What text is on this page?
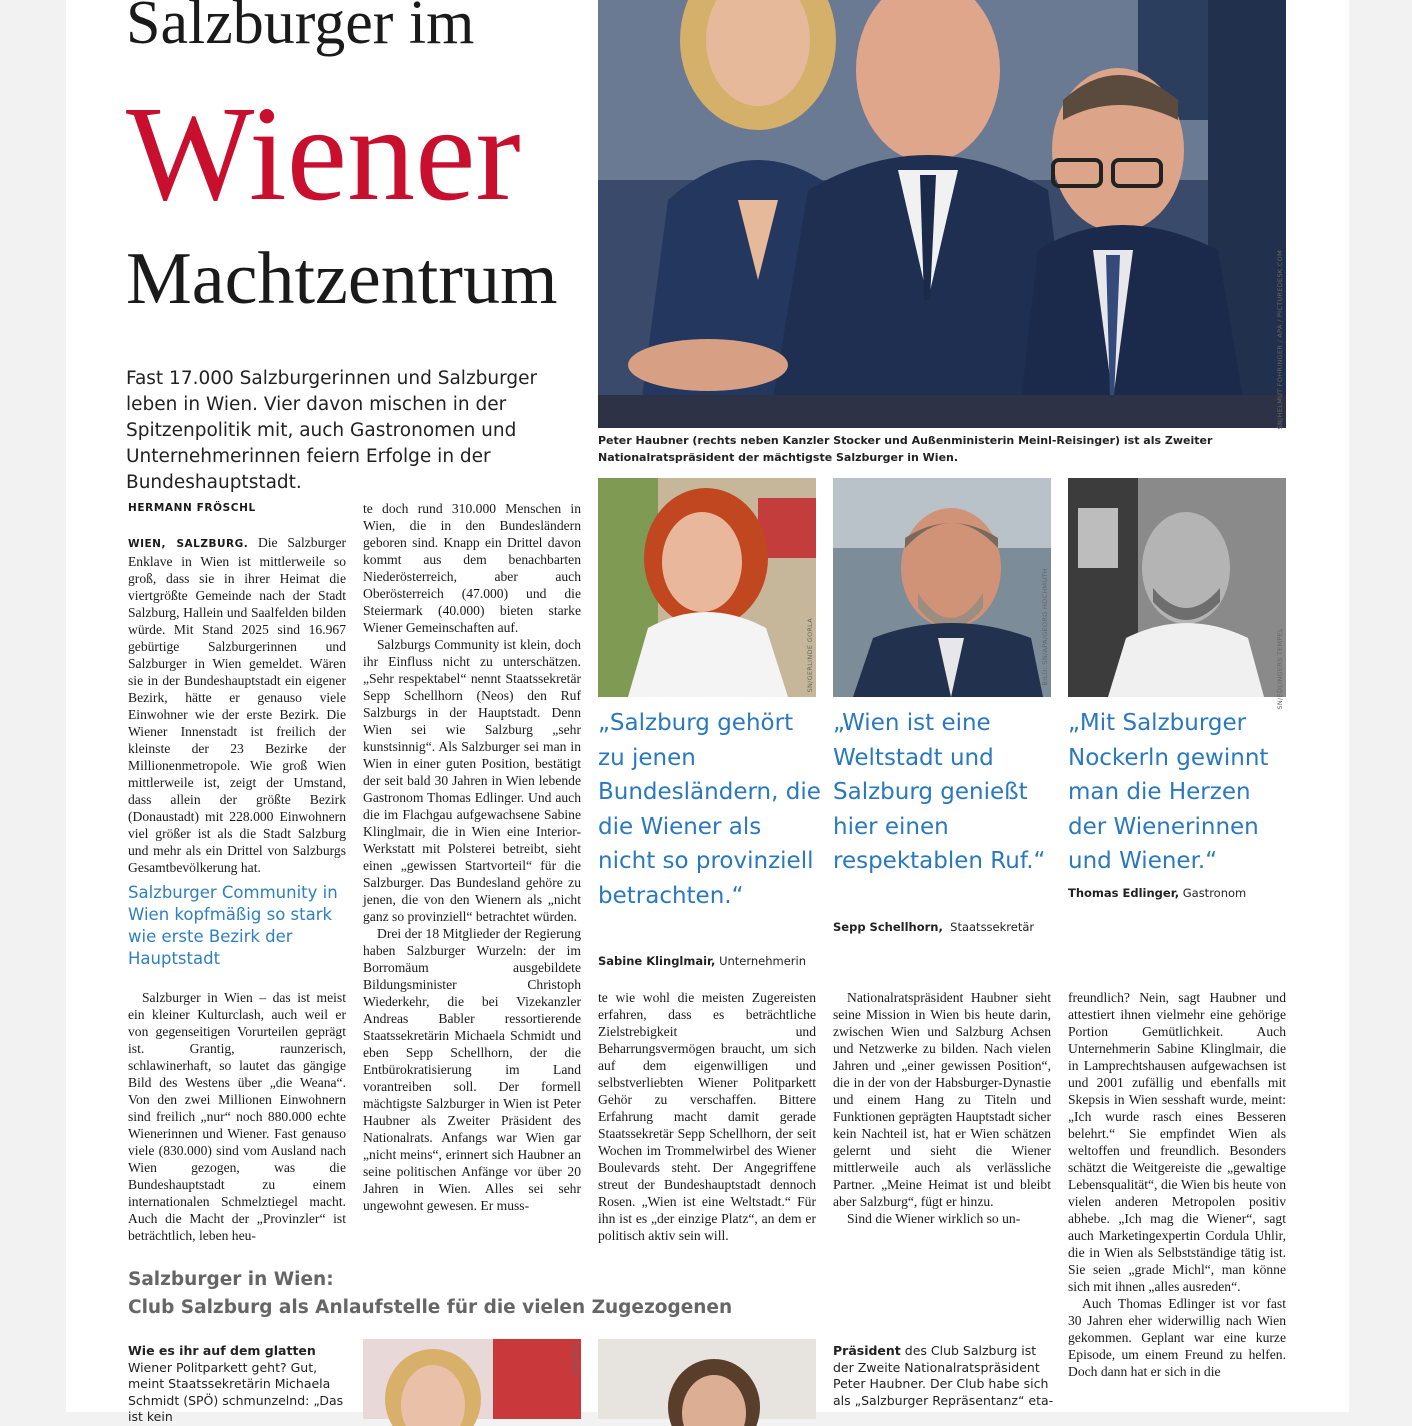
Salzburger im
Wiener
Machtzentrum
Fast 17.000 Salzburgerinnen und Salzburger leben in Wien. Vier davon mischen in der Spitzenpolitik mit, auch Gastronomen und Unternehmerinnen feiern Erfolge in der Bundeshauptstadt.
SN/HELMUT FOHRINGER / APA / PICTUREDESK.COM
Peter Haubner (rechts neben Kanzler Stocker und Außenministerin Meinl-Reisinger) ist als Zweiter Nationalratspräsident der mächtigste Salzburger in Wien.
SN/GERLINDE GORLA	BILD: SN/APA/GEORG HOCHMUTH	SN/EDLINGERS TEMPEL
„Salzburg gehört zu jenen Bundesländern, die die Wiener als nicht so provinziell betrachten.“
Sabine Klinglmair, Unternehmerin
„Wien ist eine Weltstadt und Salzburg genießt hier einen respektablen Ruf.“
Sepp Schellhorn, Staatssekretär
„Mit Salzburger Nockerln gewinnt man die Herzen der Wienerinnen und Wiener.“
Thomas Edlinger, Gastronom
HERMANN FRÖSCHL

WIEN, SALZBURG. Die Salzburger Enklave in Wien ist mittlerweile so groß, dass sie in ihrer Heimat die viertgrößte Gemeinde nach der Stadt Salzburg, Hallein und Saalfelden bilden würde. Mit Stand 2025 sind 16.967 gebürtige Salzburgerinnen und Salzburger in Wien gemeldet. Wären sie in der Bundeshauptstadt ein eigener Bezirk, hätte er genauso viele Einwohner wie der erste Bezirk. Die Wiener Innenstadt ist freilich der kleinste der 23 Bezirke der Millionenmetropole. Wie groß Wien mittlerweile ist, zeigt der Umstand, dass allein der größte Bezirk (Donaustadt) mit 228.000 Einwohnern viel größer ist als die Stadt Salzburg und mehr als ein Drittel von Salzburgs Gesamtbevölkerung hat.

Salzburger Community in Wien kopfmäßig so stark wie erste Bezirk der Hauptstadt

Salzburger in Wien – das ist meist ein kleiner Kulturclash, auch weil er von gegenseitigen Vorurteilen geprägt ist. Grantig, raunzerisch, schlawinerhaft, so lautet das gängige Bild des Westens über „die Weana“. Von den zwei Millionen Einwohnern sind freilich „nur“ noch 880.000 echte Wienerinnen und Wiener. Fast genauso viele (830.000) sind vom Ausland nach Wien gezogen, was die Bundeshauptstadt zu einem internationalen Schmelztiegel macht. Auch die Macht der „Provinzler“ ist beträchtlich, leben heu-

te doch rund 310.000 Menschen in Wien, die in den Bundesländern geboren sind. Knapp ein Drittel davon kommt aus dem benachbarten Niederösterreich, aber auch Oberösterreich (47.000) und die Steiermark (40.000) bieten starke Wiener Gemeinschaften auf.

Salzburgs Community ist klein, doch ihr Einfluss nicht zu unterschätzen. „Sehr respektabel“ nennt Staatssekretär Sepp Schellhorn (Neos) den Ruf Salzburgs in der Hauptstadt. Denn Wien sei wie Salzburg „sehr kunstsinnig“. Als Salzburger sei man in Wien in einer guten Position, bestätigt der seit bald 30 Jahren in Wien lebende Gastronom Thomas Edlinger. Und auch die im Flachgau aufgewachsene Sabine Klinglmair, die in Wien eine Interior-Werkstatt mit Polsterei betreibt, sieht einen „gewissen Startvorteil“ für die Salzburger. Das Bundesland gehöre zu jenen, die von den Wienern als „nicht ganz so provinziell“ betrachtet würden.

Drei der 18 Mitglieder der Regierung haben Salzburger Wurzeln: der im Borromäum ausgebildete Bildungsminister Christoph Wiederkehr, die bei Vizekanzler Andreas Babler ressortierende Staatssekretärin Michaela Schmidt und eben Sepp Schellhorn, der die Entbürokratisierung im Land vorantreiben soll. Der formell mächtigste Salzburger in Wien ist Peter Haubner als Zweiter Präsident des Nationalrats. Anfangs war Wien gar „nicht meins“, erinnert sich Haubner an seine politischen Anfänge vor über 20 Jahren in Wien. Alles sei sehr ungewohnt gewesen. Er muss-

te wie wohl die meisten Zugereisten erfahren, dass es beträchtliche Zielstrebigkeit und Beharrungsvermögen braucht, um sich auf dem eigenwilligen und selbstverliebten Wiener Politparkett Gehör zu verschaffen. Bittere Erfahrung macht damit gerade Staatssekretär Sepp Schellhorn, der seit Wochen im Trommelwirbel des Wiener Boulevards steht. Der Angegriffene streut der Bundeshauptstadt dennoch Rosen. „Wien ist eine Weltstadt.“ Für ihn ist es „der einzige Platz“, an dem er politisch aktiv sein will.

Nationalratspräsident Haubner sieht seine Mission in Wien bis heute darin, zwischen Wien und Salzburg Achsen und Netzwerke zu bilden. Nach vielen Jahren und „einer gewissen Position“, die in der von der Habsburger-Dynastie und einem Hang zu Titeln und Funktionen geprägten Hauptstadt sicher kein Nachteil ist, hat er Wien schätzen gelernt und sieht die Wiener mittlerweile auch als verlässliche Partner. „Meine Heimat ist und bleibt aber Salzburg“, fügt er hinzu.

Sind die Wiener wirklich so un-

freundlich? Nein, sagt Haubner und attestiert ihnen vielmehr eine gehörige Portion Gemütlichkeit. Auch Unternehmerin Sabine Klinglmair, die in Lamprechtshausen aufgewachsen ist und 2001 zufällig und ebenfalls mit Skepsis in Wien sesshaft wurde, meint: „Ich wurde rasch eines Besseren belehrt.“ Sie empfindet Wien als weltoffen und freundlich. Besonders schätzt die Weitgereiste die „gewaltige Lebensqualität“, die Wien bis heute von vielen anderen Metropolen positiv abhebe. „Ich mag die Wiener“, sagt auch Marketingexpertin Cordula Uhlir, die in Wien als Selbstständige tätig ist. Sie seien „grade Michl“, man könne sich mit ihnen „alles ausreden“.

Auch Thomas Edlinger ist vor fast 30 Jahren eher widerwillig nach Wien gekommen. Geplant war eine kurze Episode, um einem Freund zu helfen. Doch dann hat er sich in die

Salzburger in Wien:
Club Salzburg als Anlaufstelle für die vielen Zugezogenen
Wie es ihr auf dem glatten Wiener Politparkett geht? Gut, meint Staatssekretärin Michaela Schmidt (SPÖ) schmunzelnd: „Das ist kein
SN/EGER	Präsident des Club Salzburg ist der Zweite Nationalratspräsident Peter Haubner. Der Club habe sich als „Salzburger Repräsentanz“ eta-
